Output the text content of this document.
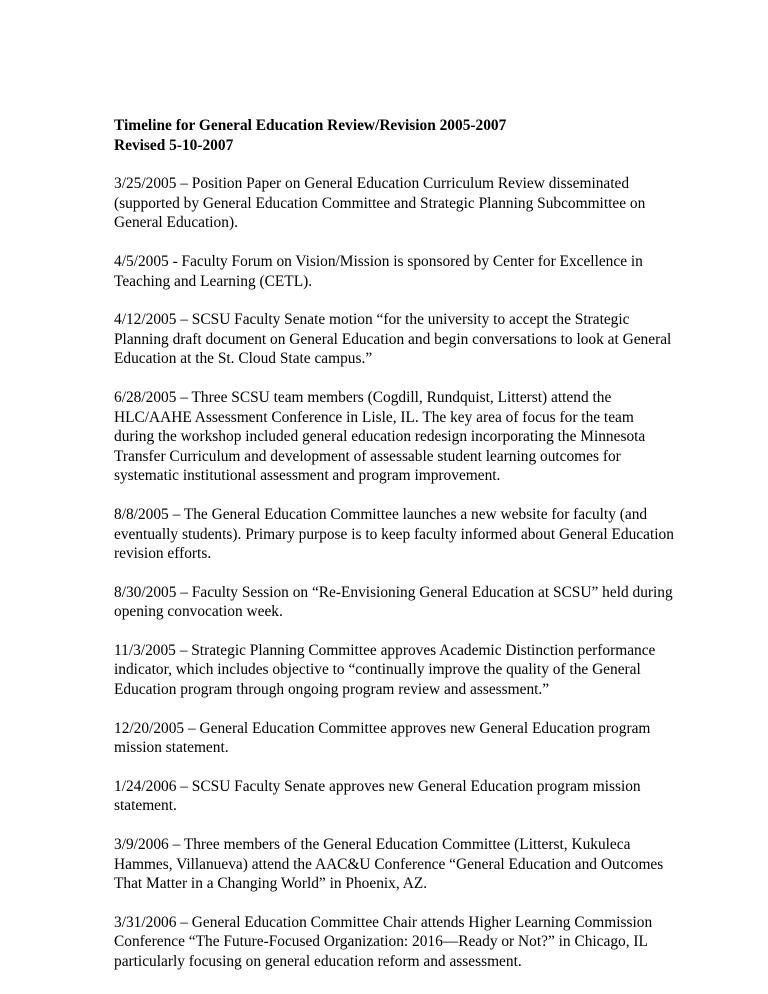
Timeline for General Education Review/Revision 2005-2007

Revised 5-10-2007

3/25/2005 – Position Paper on General Education Curriculum Review disseminated (supported by General Education Committee and Strategic Planning Subcommittee on General Education).

4/5/2005 - Faculty Forum on Vision/Mission is sponsored by Center for Excellence in Teaching and Learning (CETL).

4/12/2005 – SCSU Faculty Senate motion “for the university to accept the Strategic Planning draft document on General Education and begin conversations to look at General Education at the St. Cloud State campus.”

6/28/2005 – Three SCSU team members (Cogdill, Rundquist, Litterst) attend the HLC/AAHE Assessment Conference in Lisle, IL. The key area of focus for the team during the workshop included general education redesign incorporating the Minnesota Transfer Curriculum and development of assessable student learning outcomes for systematic institutional assessment and program improvement.

8/8/2005 – The General Education Committee launches a new website for faculty (and eventually students). Primary purpose is to keep faculty informed about General Education revision efforts.

8/30/2005 – Faculty Session on “Re-Envisioning General Education at SCSU” held during opening convocation week.

11/3/2005 – Strategic Planning Committee approves Academic Distinction performance indicator, which includes objective to “continually improve the quality of the General Education program through ongoing program review and assessment.”

12/20/2005 – General Education Committee approves new General Education program mission statement.

1/24/2006 – SCSU Faculty Senate approves new General Education program mission statement.

3/9/2006 – Three members of the General Education Committee (Litterst, Kukuleca Hammes, Villanueva) attend the AAC&U Conference “General Education and Outcomes That Matter in a Changing World” in Phoenix, AZ.

3/31/2006 – General Education Committee Chair attends Higher Learning Commission Conference “The Future-Focused Organization: 2016—Ready or Not?” in Chicago, IL particularly focusing on general education reform and assessment.
